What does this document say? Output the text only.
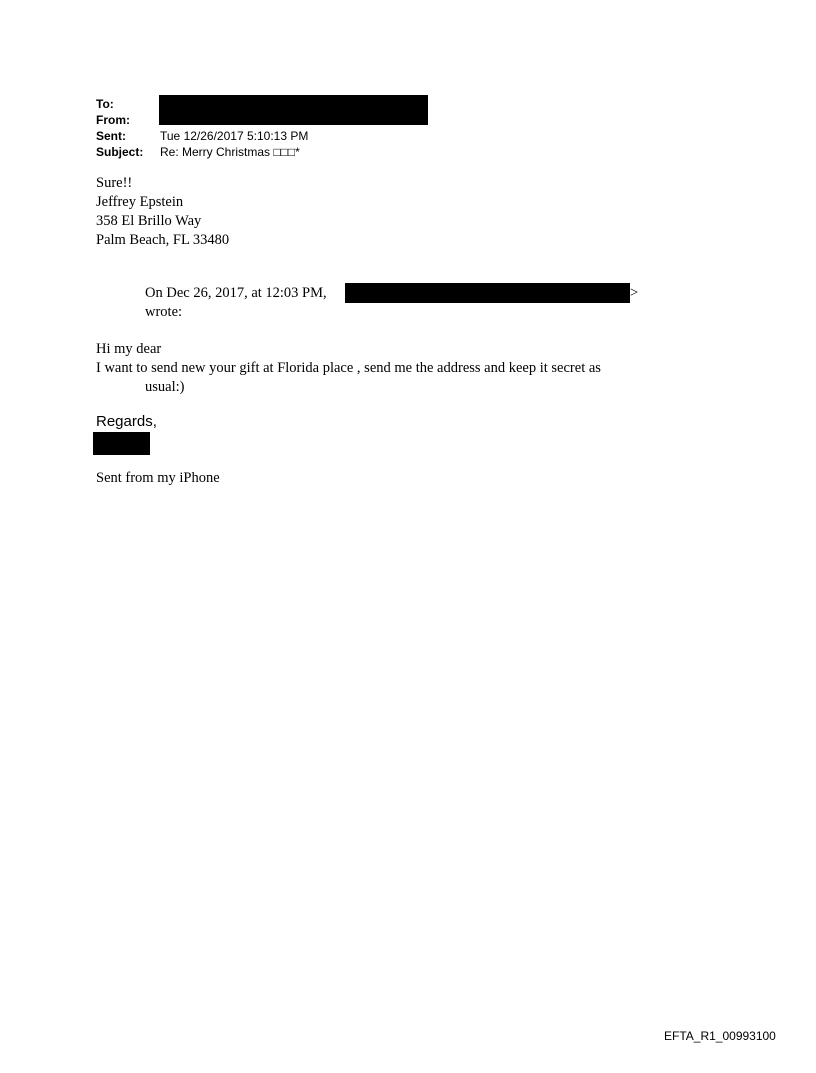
To:
From:
Sent:	Tue 12/26/2017 5:10:13 PM
Subject:	Re: Merry Christmas □□□*
Sure!!
Jeffrey Epstein
358 El Brillo Way
Palm Beach, FL 33480
On Dec 26, 2017, at 12:03 PM,
wrote:
>
Hi my dear
I want to send new your gift at Florida place , send me the address and keep it secret as
usual:)
Regards,
Sent from my iPhone
EFTA_R1_00993100
